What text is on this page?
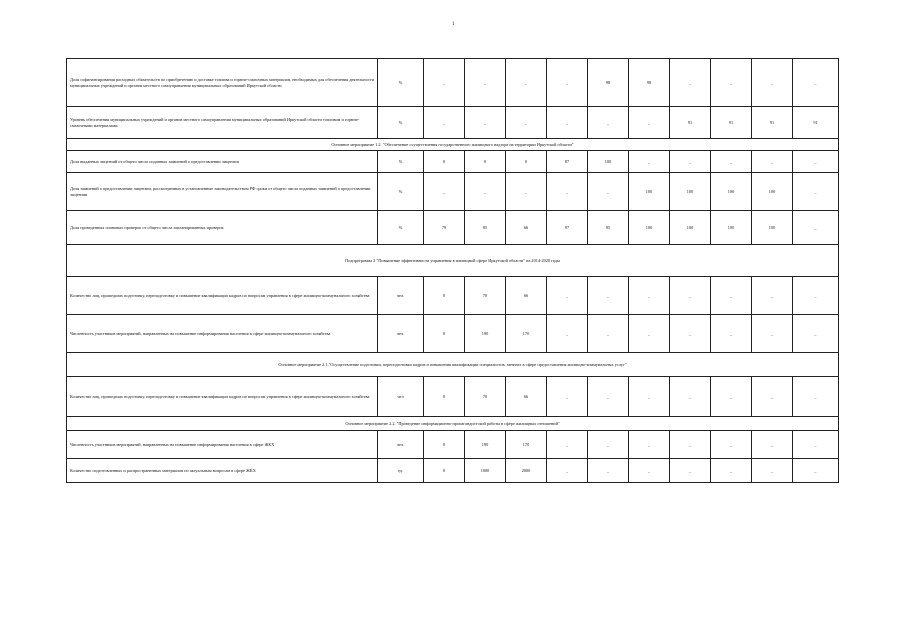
1
Доля софинансирования расходных обязательств по приобретению и доставке топлива и горюче-смазочных материалов, необходимых для обеспечения деятельности муниципальных учреждений и органов местного самоуправления муниципальных образований Иркутской области	%	_	_	_	_	98	98	_	_	_	_
Уровень обеспечения муниципальных учреждений и органов местного самоуправления муниципальных образований Иркутской области топливом и горюче-смазочными материалами.	%	_	_	_	_	_	_	91	91	91	91
Основное мероприятие 1.2. "Обеспечение осуществления государственного жилищного надзора на территории Иркутской области"											
Доля выданных лицензий от общего числа поданных заявлений о предоставлении лицензии	%	0	0	0	87	100	_	_	_	_	_
Доля заявлений о предоставлении лицензии, рассмотренных в установленные законодательством РФ сроки от общего числа поданных заявлений о предоставлении лицензии	%	_	_	_	_	_	100	100	100	100	_
Доля проведенных плановых проверок от общего числа запланированных проверок	%	79	85	66	97	95	100	100	100	100	_
Подпрограмма 2 "Повышение эффективности управления в жилищной сфере Иркутской области" на 2014-2020 годы											
Количество лиц, прошедших подготовку, переподготовку и повышение квалификации кадров по вопросам управления в сфере жилищно-коммунального хозяйства	чел.	0	70	66	_	_	_	_	_	_	_
Численность участников мероприятий, направленных на повышение информирования населения в сфере жилищно-коммунального хозяйства	чел.	0	190	170	_	_	_	_	_	_	_
Основное мероприятие 2.1."Осуществление подготовки, переподготовки кадров и повышения квалификации специалистов, занятых в сфере предоставления жилищно-коммунальных услуг"											
Количество лиц, прошедших подготовку, переподготовку и повышение квалификации кадров по вопросам управления в сфере жилищно-коммунального хозяйства	чел	0	70	66	_	_	_	_	_	_	_
Основное мероприятие 2.2. "Проведение информационно-пропагандистской работы в сфере жилищных отношений"											
Численность участников мероприятий, направленных на повышение информирования населения в сфере ЖКХ	чел.	0	190	170	_	_	_	_	_	_	_
Количество подготовленных и распространенных материалов по актуальным вопросам в сфере ЖКХ	ед.	0	1000	2000	_	_	_	_	_	_	_
